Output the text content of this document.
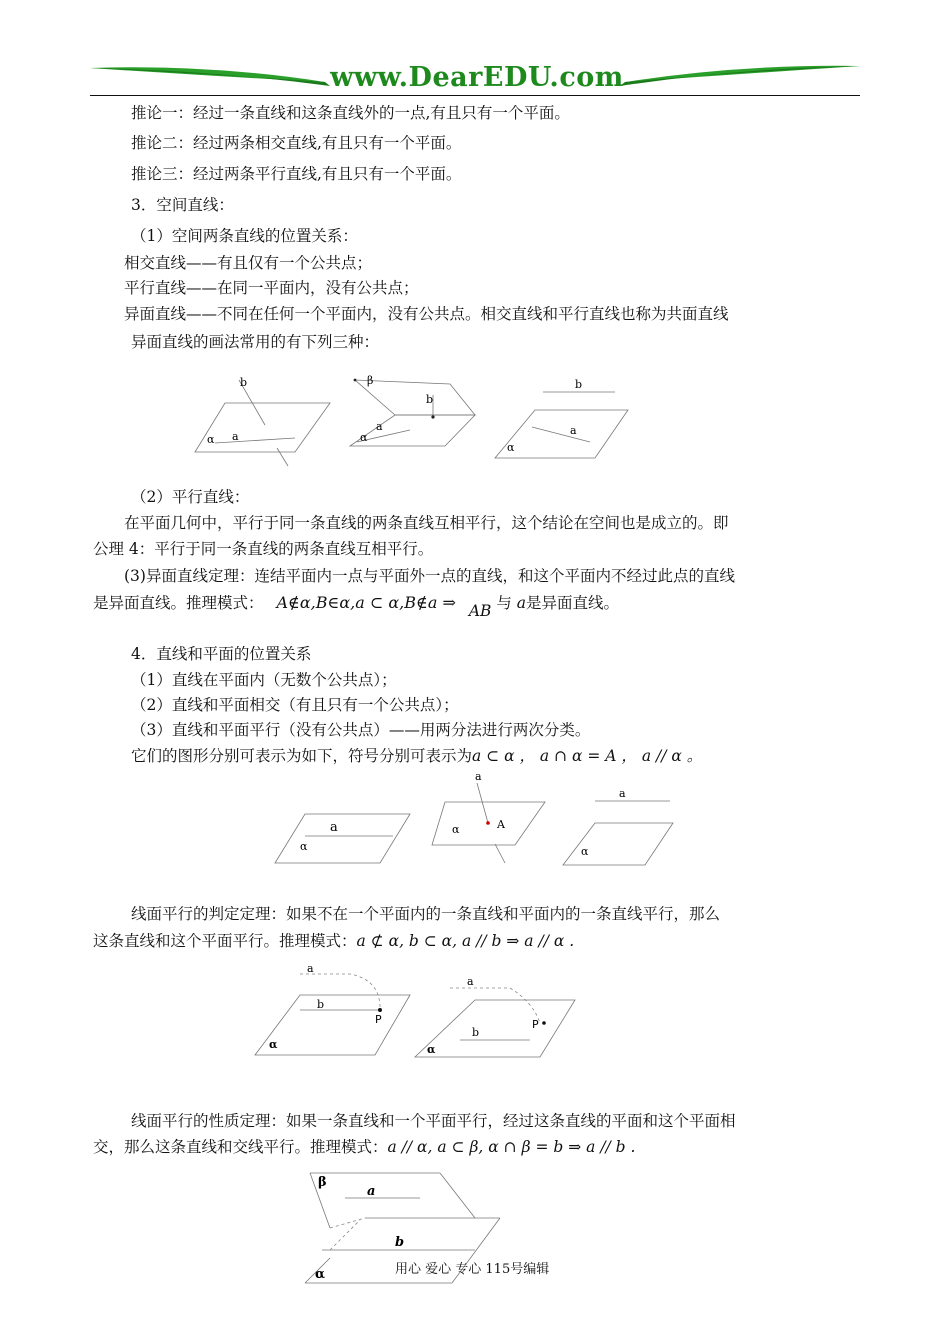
www.DearEDU.com
推论一：经过一条直线和这条直线外的一点,有且只有一个平面。
推论二：经过两条相交直线,有且只有一个平面。
推论三：经过两条平行直线,有且只有一个平面。
3．空间直线：
（1）空间两条直线的位置关系：
相交直线——有且仅有一个公共点；
平行直线——在同一平面内，没有公共点；
异面直线——不同在任何一个平面内，没有公共点。相交直线和平行直线也称为共面直线
异面直线的画法常用的有下列三种：
b
α a
β
b
a
α
b
a
α
（2）平行直线：
在平面几何中，平行于同一条直线的两条直线互相平行，这个结论在空间也是成立的。即
公理 4：平行于同一条直线的两条直线互相平行。
(3)异面直线定理：连结平面内一点与平面外一点的直线，和这个平面内不经过此点的直线
是异面直线。推理模式： A∉α,B∈α,a ⊂ α,B∉a ⇒ AB 与 a是异面直线。
4．直线和平面的位置关系
（1）直线在平面内（无数个公共点）；
（2）直线和平面相交（有且只有一个公共点）；
（3）直线和平面平行（没有公共点）——用两分法进行两次分类。
它们的图形分别可表示为如下，符号分别可表示为a ⊂ α ， a ∩ α = A ， a // α 。
a
α
a
A
α
a
α
线面平行的判定定理：如果不在一个平面内的一条直线和平面内的一条直线平行，那么
这条直线和这个平面平行。推理模式：a ⊄ α, b ⊂ α, a // b ⇒ a // α .
a
b
P
α
a
b
P
α
线面平行的性质定理：如果一条直线和一个平面平行，经过这条直线的平面和这个平面相
交，那么这条直线和交线平行。推理模式：a // α, a ⊂ β, α ∩ β = b ⇒ a // b .
β
a
b
α	用心 爱心 专心 115号编辑
